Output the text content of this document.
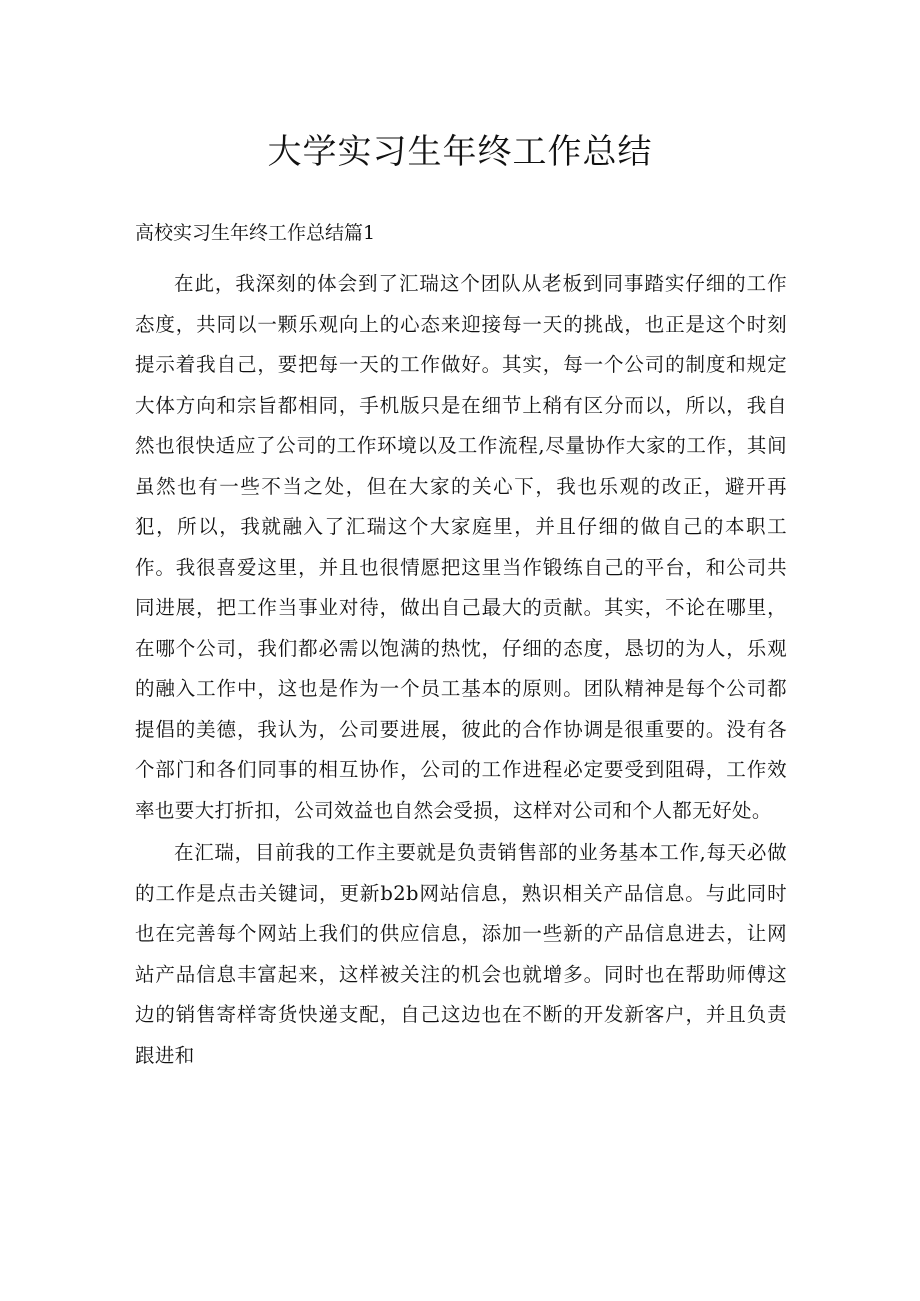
大学实习生年终工作总结
高校实习生年终工作总结篇1

在此，我深刻的体会到了汇瑞这个团队从老板到同事踏实仔细的工作态度，共同以一颗乐观向上的心态来迎接每一天的挑战，也正是这个时刻提示着我自己，要把每一天的工作做好。其实，每一个公司的制度和规定大体方向和宗旨都相同，手机版只是在细节上稍有区分而以，所以，我自然也很快适应了公司的工作环境以及工作流程,尽量协作大家的工作，其间虽然也有一些不当之处，但在大家的关心下，我也乐观的改正，避开再犯，所以，我就融入了汇瑞这个大家庭里，并且仔细的做自己的本职工作。我很喜爱这里，并且也很情愿把这里当作锻练自己的平台，和公司共同进展，把工作当事业对待，做出自己最大的贡献。其实，不论在哪里，在哪个公司，我们都必需以饱满的热忱，仔细的态度，恳切的为人，乐观的融入工作中，这也是作为一个员工基本的原则。团队精神是每个公司都提倡的美德，我认为，公司要进展，彼此的合作协调是很重要的。没有各个部门和各们同事的相互协作，公司的工作进程必定要受到阻碍，工作效率也要大打折扣，公司效益也自然会受损，这样对公司和个人都无好处。

在汇瑞，目前我的工作主要就是负责销售部的业务基本工作,每天必做的工作是点击关键词，更新b2b网站信息，熟识相关产品信息。与此同时也在完善每个网站上我们的供应信息，添加一些新的产品信息进去，让网站产品信息丰富起来，这样被关注的机会也就增多。同时也在帮助师傅这边的销售寄样寄货快递支配，自己这边也在不断的开发新客户，并且负责跟进和
